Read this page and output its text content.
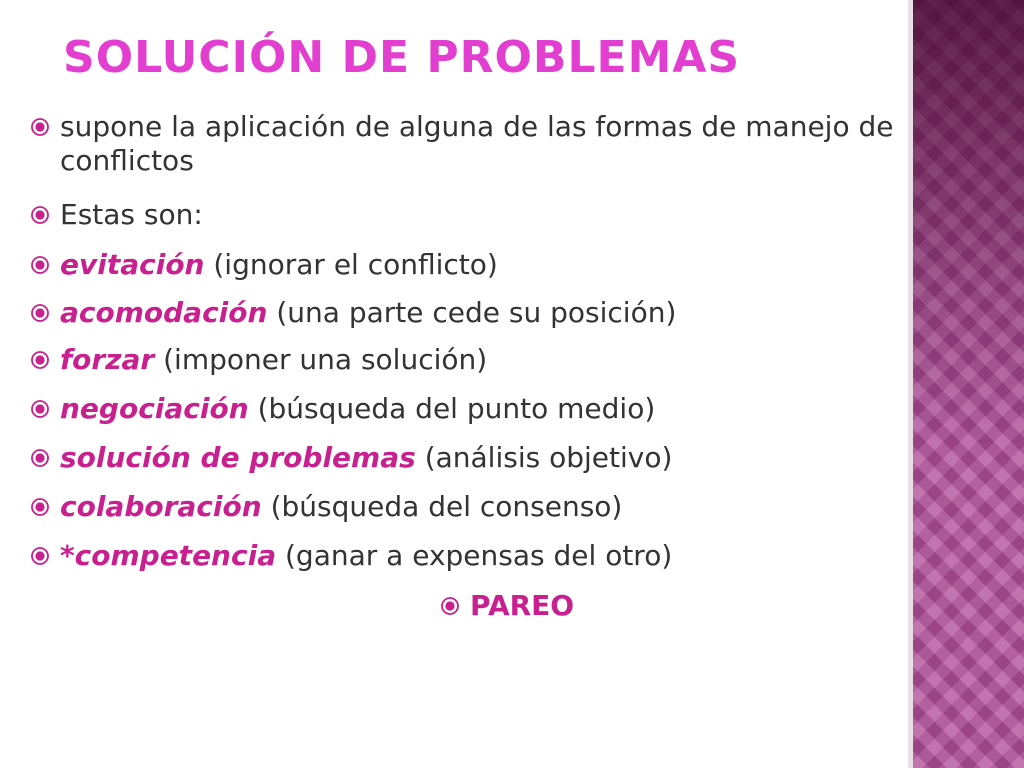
SOLUCIÓN DE PROBLEMAS
supone la aplicación de alguna de las formas de manejo de conflictos
Estas son:
evitación (ignorar el conflicto)
acomodación (una parte cede su posición)
forzar (imponer una solución)
negociación (búsqueda del punto medio)
solución de problemas (análisis objetivo)
colaboración (búsqueda del consenso)
*competencia (ganar a expensas del otro)
PAREO
